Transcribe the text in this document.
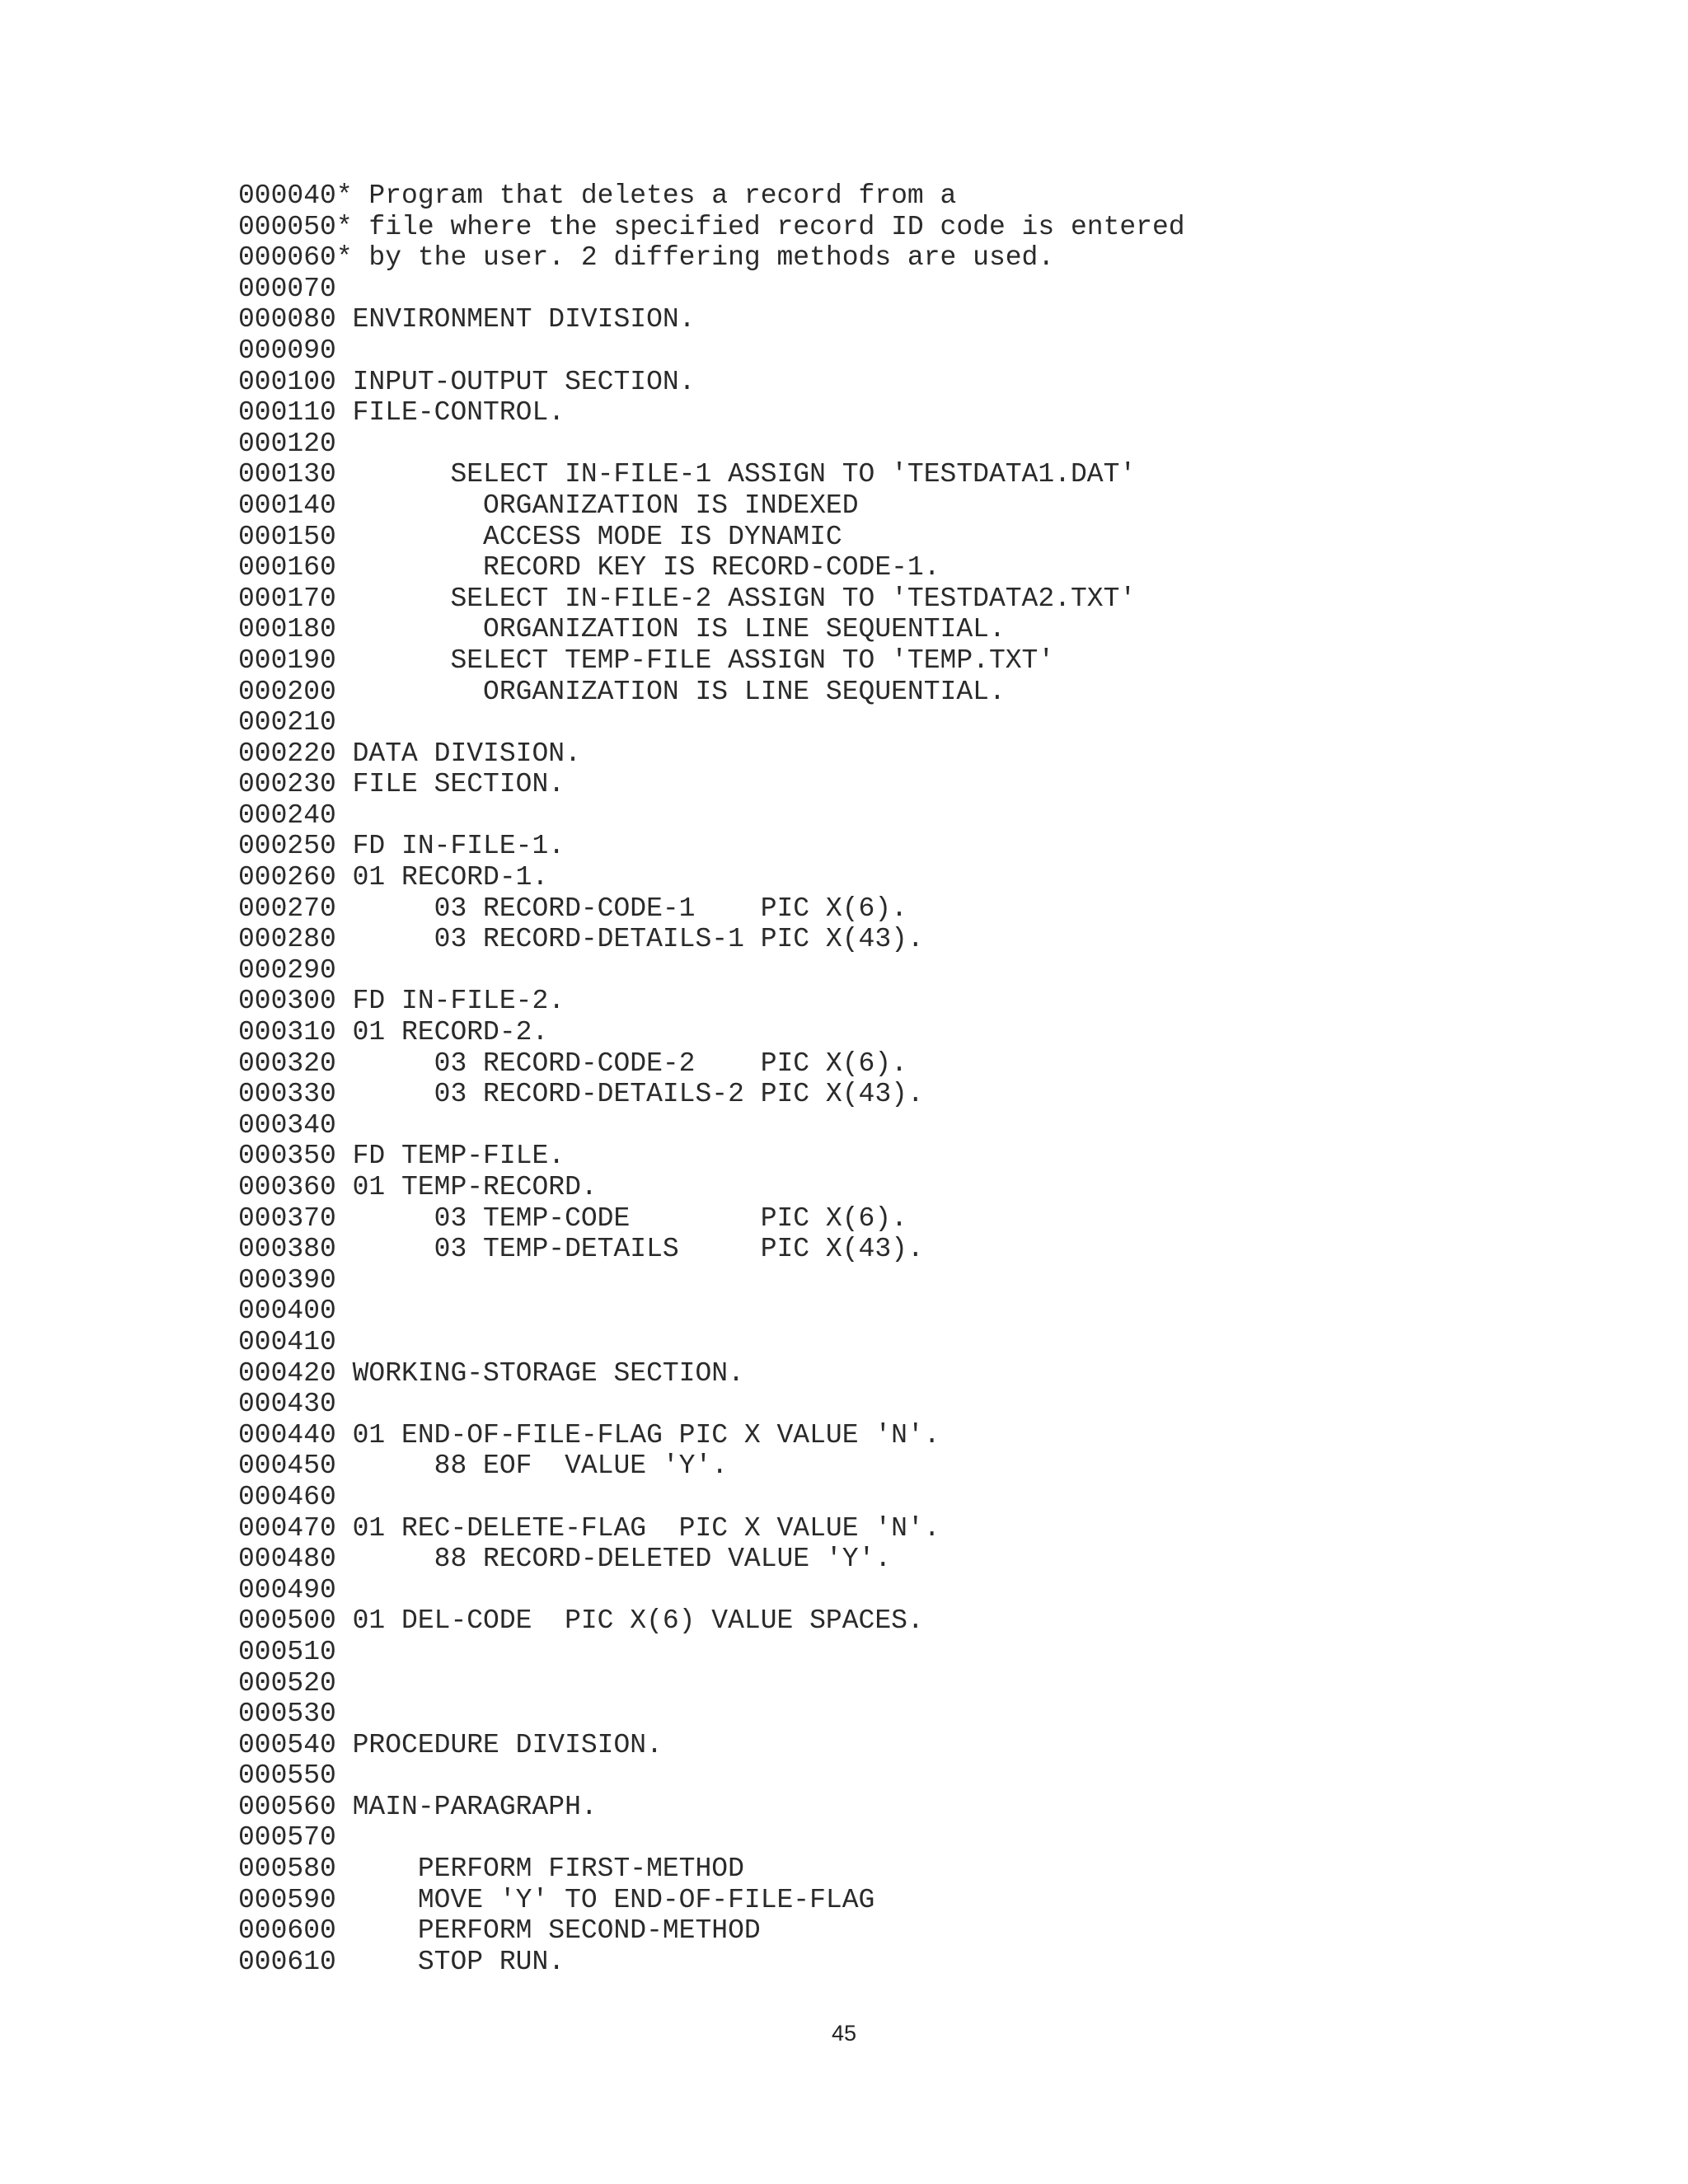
000040* Program that deletes a record from a
000050* file where the specified record ID code is entered
000060* by the user. 2 differing methods are used.
000070
000080 ENVIRONMENT DIVISION.
000090
000100 INPUT-OUTPUT SECTION.
000110 FILE-CONTROL.
000120
000130       SELECT IN-FILE-1 ASSIGN TO 'TESTDATA1.DAT'
000140         ORGANIZATION IS INDEXED
000150         ACCESS MODE IS DYNAMIC
000160         RECORD KEY IS RECORD-CODE-1.
000170       SELECT IN-FILE-2 ASSIGN TO 'TESTDATA2.TXT'
000180         ORGANIZATION IS LINE SEQUENTIAL.
000190       SELECT TEMP-FILE ASSIGN TO 'TEMP.TXT'
000200         ORGANIZATION IS LINE SEQUENTIAL.
000210
000220 DATA DIVISION.
000230 FILE SECTION.
000240
000250 FD IN-FILE-1.
000260 01 RECORD-1.
000270      03 RECORD-CODE-1    PIC X(6).
000280      03 RECORD-DETAILS-1 PIC X(43).
000290
000300 FD IN-FILE-2.
000310 01 RECORD-2.
000320      03 RECORD-CODE-2    PIC X(6).
000330      03 RECORD-DETAILS-2 PIC X(43).
000340
000350 FD TEMP-FILE.
000360 01 TEMP-RECORD.
000370      03 TEMP-CODE        PIC X(6).
000380      03 TEMP-DETAILS     PIC X(43).
000390
000400
000410
000420 WORKING-STORAGE SECTION.
000430
000440 01 END-OF-FILE-FLAG PIC X VALUE 'N'.
000450      88 EOF  VALUE 'Y'.
000460
000470 01 REC-DELETE-FLAG  PIC X VALUE 'N'.
000480      88 RECORD-DELETED VALUE 'Y'.
000490
000500 01 DEL-CODE  PIC X(6) VALUE SPACES.
000510
000520
000530
000540 PROCEDURE DIVISION.
000550
000560 MAIN-PARAGRAPH.
000570
000580     PERFORM FIRST-METHOD
000590     MOVE 'Y' TO END-OF-FILE-FLAG
000600     PERFORM SECOND-METHOD
000610     STOP RUN.
45
